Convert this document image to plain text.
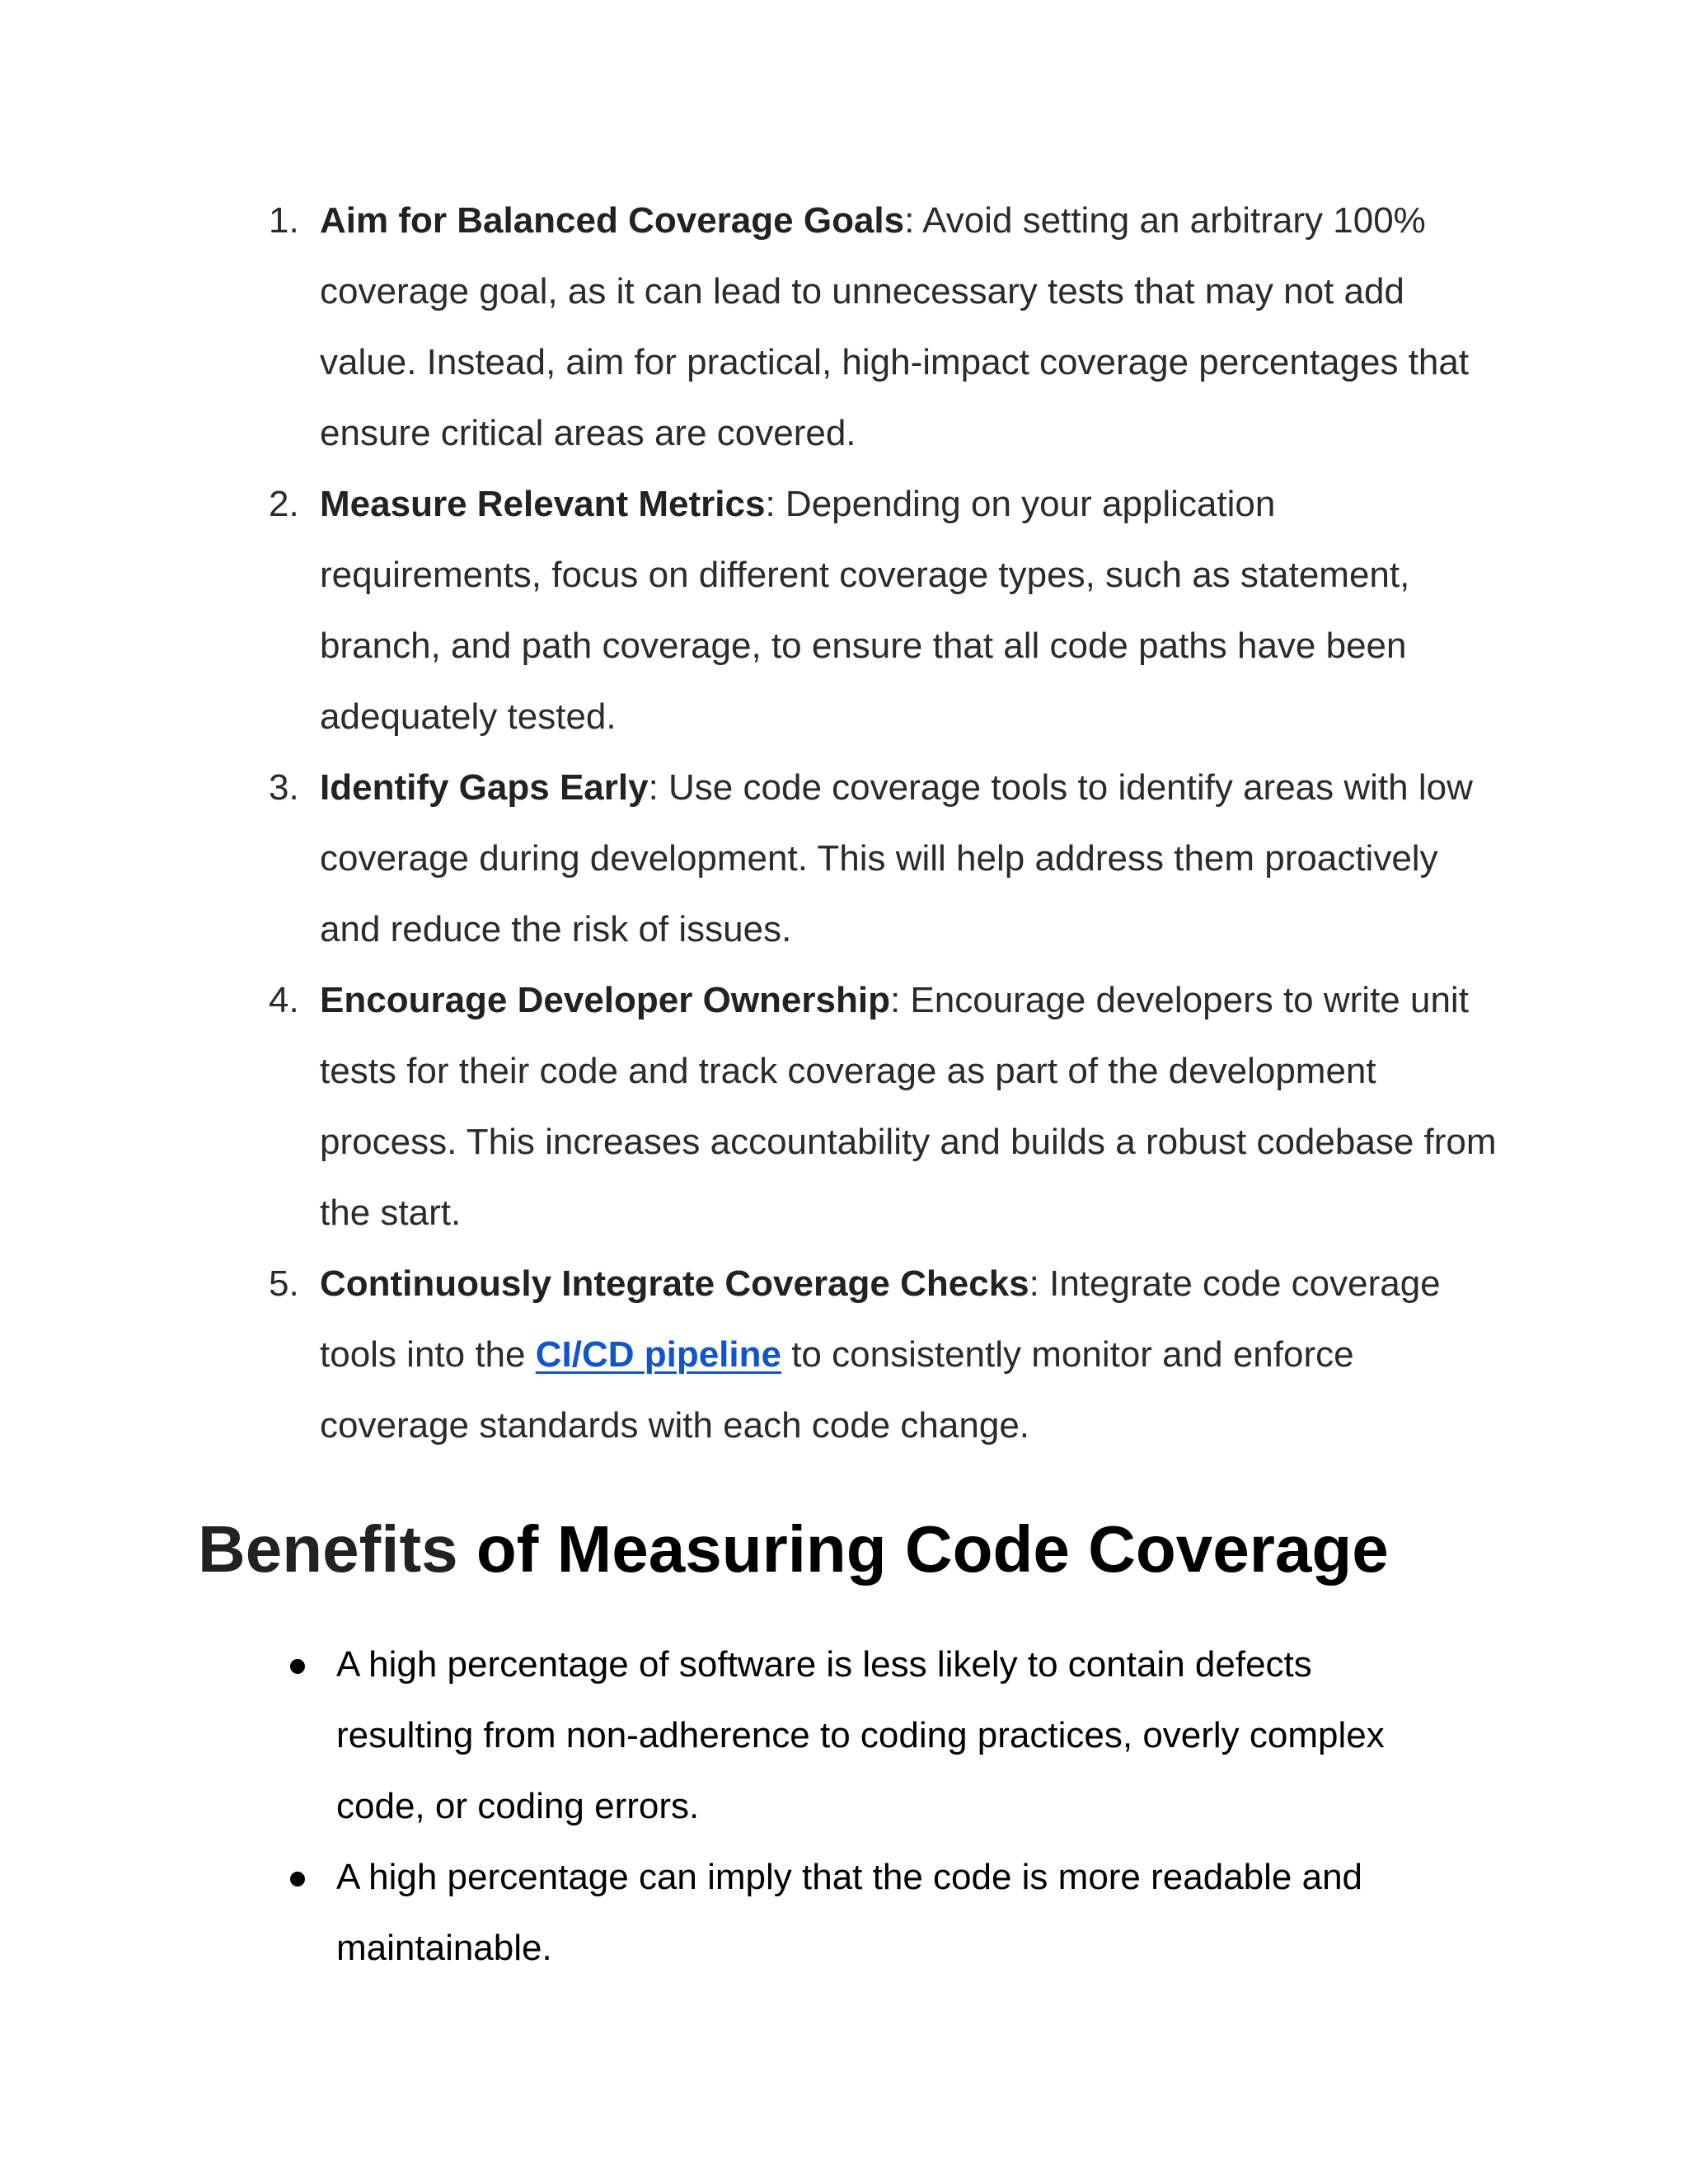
1. Aim for Balanced Coverage Goals: Avoid setting an arbitrary 100% coverage goal, as it can lead to unnecessary tests that may not add value. Instead, aim for practical, high-impact coverage percentages that ensure critical areas are covered.
2. Measure Relevant Metrics: Depending on your application requirements, focus on different coverage types, such as statement, branch, and path coverage, to ensure that all code paths have been adequately tested.
3. Identify Gaps Early: Use code coverage tools to identify areas with low coverage during development. This will help address them proactively and reduce the risk of issues.
4. Encourage Developer Ownership: Encourage developers to write unit tests for their code and track coverage as part of the development process. This increases accountability and builds a robust codebase from the start.
5. Continuously Integrate Coverage Checks: Integrate code coverage tools into the CI/CD pipeline to consistently monitor and enforce coverage standards with each code change.
Benefits of Measuring Code Coverage
A high percentage of software is less likely to contain defects resulting from non-adherence to coding practices, overly complex code, or coding errors.
A high percentage can imply that the code is more readable and maintainable.
